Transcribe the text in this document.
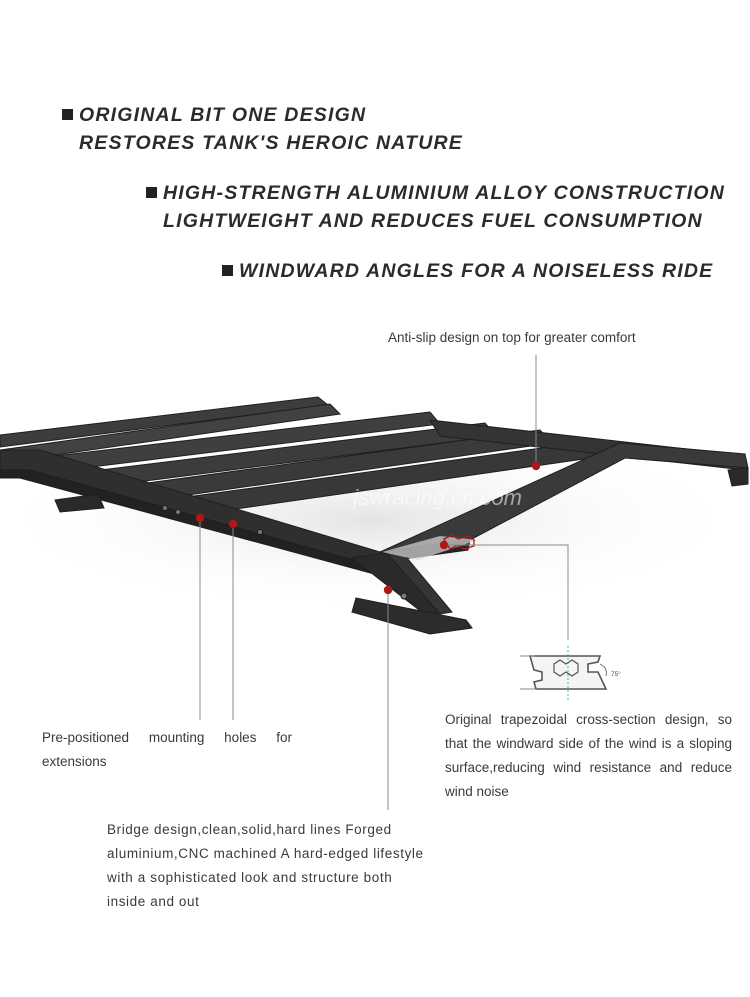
ORIGINAL BIT ONE DESIGN
RESTORES TANK'S HEROIC NATURE
HIGH-STRENGTH ALUMINIUM ALLOY CONSTRUCTION
LIGHTWEIGHT AND REDUCES FUEL CONSUMPTION
WINDWARD ANGLES FOR A NOISELESS RIDE
jswracing.cn.com
75°
Anti-slip design on top for greater comfort
Pre-positioned mounting holes for extensions
Original trapezoidal cross-section design, so that the windward side of the wind is a sloping surface,reducing wind resistance and reduce wind noise
Bridge design,clean,solid,hard lines Forged aluminium,CNC machined A hard-edged lifestyle with a sophisticated look and structure both inside and out
